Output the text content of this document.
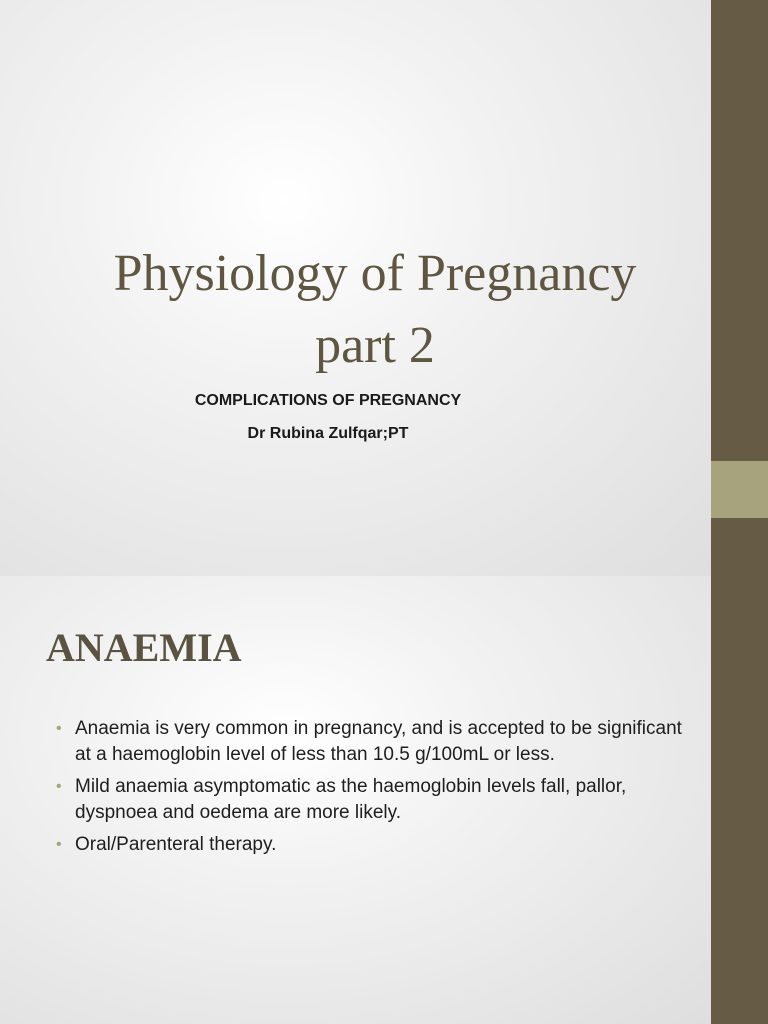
Physiology of Pregnancy
part 2

COMPLICATIONS OF PREGNANCY

Dr Rubina Zulfqar;PT

ANAEMIA
• Anaemia is very common in pregnancy, and is accepted to be significant at a haemoglobin level of less than 10.5 g/100mL or less.
• Mild anaemia asymptomatic as the haemoglobin levels fall, pallor, dyspnoea and oedema are more likely.
• Oral/Parenteral therapy.
